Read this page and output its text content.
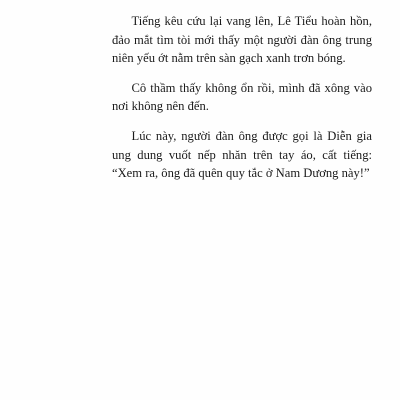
Tiếng kêu cứu lại vang lên, Lê Tiểu hoàn hồn, đảo mắt tìm tòi mới thấy một người đàn ông trung niên yếu ớt nằm trên sàn gạch xanh trơn bóng.

Cô thầm thấy không ổn rồi, mình đã xông vào nơi không nên đến.

Lúc này, người đàn ông được gọi là Diễn gia ung dung vuốt nếp nhăn trên tay áo, cất tiếng: “Xem ra, ông đã quên quy tắc ở Nam Dương này!”
